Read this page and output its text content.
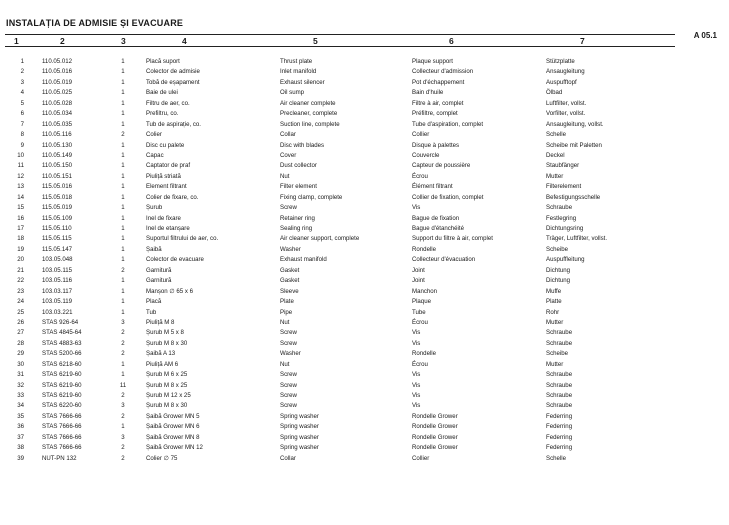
INSTALAȚIA DE ADMISIE ȘI EVACUARE
A 05.1
1	2	3	4	5	6	7
1	110.05.012	1	Placă suport	Thrust plate	Plaque support	Stützplatte
2	110.05.016	1	Colector de admisie	Inlet manifold	Collecteur d'admission	Ansaugleitung
3	110.05.019	1	Tobă de eșapament	Exhaust silencer	Pot d'échappement	Auspufftopf
4	110.05.025	1	Baie de ulei	Oil sump	Bain d'huile	Ölbad
5	110.05.028	1	Filtru de aer, co.	Air cleaner complete	Filtre à air, complet	Luftfilter, vollst.
6	110.05.034	1	Prefiltru, co.	Precleaner, complete	Préfiltre, complet	Vorfilter, vollst.
7	110.05.035	1	Tub de aspirație, co.	Suction line, complete	Tube d'aspiration, complet	Ansaugleitung, vollst.
8	110.05.116	2	Colier	Collar	Collier	Schelle
9	110.05.130	1	Disc cu palete	Disc with blades	Disque à palettes	Scheibe mit Paletten
10	110.05.149	1	Capac	Cover	Couvercle	Deckel
11	110.05.150	1	Captator de praf	Dust collector	Capteur de poussière	Staubfänger
12	110.05.151	1	Piuliță striată	Nut	Écrou	Mutter
13	115.05.016	1	Element filtrant	Filter element	Élément filtrant	Filterelement
14	115.05.018	1	Colier de fixare, co.	Fixing clamp, complete	Collier de fixation, complet	Befestigungsschelle
15	115.05.019	1	Șurub	Screw	Vis	Schraube
16	115.05.109	1	Inel de fixare	Retainer ring	Bague de fixation	Festlegring
17	115.05.110	1	Inel de etanșare	Sealing ring	Bague d'étanchéité	Dichtungsring
18	115.05.115	1	Suportul filtrului de aer, co.	Air cleaner support, complete	Support du filtre à air, complet	Träger, Luftfilter, vollst.
19	115.05.147	1	Șaibă	Washer	Rondelle	Scheibe
20	103.05.048	1	Colector de evacuare	Exhaust manifold	Collecteur d'évacuation	Auspuffleitung
21	103.05.115	2	Garnitură	Gasket	Joint	Dichtung
22	103.05.116	1	Garnitură	Gasket	Joint	Dichtung
23	103.03.117	1	Manșon ∅ 65 x 6	Sleeve	Manchon	Muffe
24	103.05.119	1	Placă	Plate	Plaque	Platte
25	103.03.221	1	Tub	Pipe	Tube	Rohr
26	STAS 926-64	3	Piuliță M 8	Nut	Écrou	Mutter
27	STAS 4845-64	2	Șurub M 5 x 8	Screw	Vis	Schraube
28	STAS 4883-63	2	Șurub M 8 x 30	Screw	Vis	Schraube
29	STAS 5200-66	2	Șaibă A 13	Washer	Rondelle	Scheibe
30	STAS 6218-60	1	Piuliță AM 6	Nut	Écrou	Mutter
31	STAS 6219-60	1	Șurub M 6 x 25	Screw	Vis	Schraube
32	STAS 6219-60	11	Șurub M 8 x 25	Screw	Vis	Schraube
33	STAS 6219-60	2	Șurub M 12 x 25	Screw	Vis	Schraube
34	STAS 6220-60	3	Șurub M 8 x 30	Screw	Vis	Schraube
35	STAS 7666-66	2	Șaibă Grower MN 5	Spring washer	Rondelle Grower	Federring
36	STAS 7666-66	1	Șaibă Grower MN 6	Spring washer	Rondelle Grower	Federring
37	STAS 7666-66	3	Șaibă Grower MN 8	Spring washer	Rondelle Grower	Federring
38	STAS 7666-66	2	Șaibă Grower MN 12	Spring washer	Rondelle Grower	Federring
39	NUT-PN 132	2	Colier ∅ 75	Collar	Collier	Schelle
